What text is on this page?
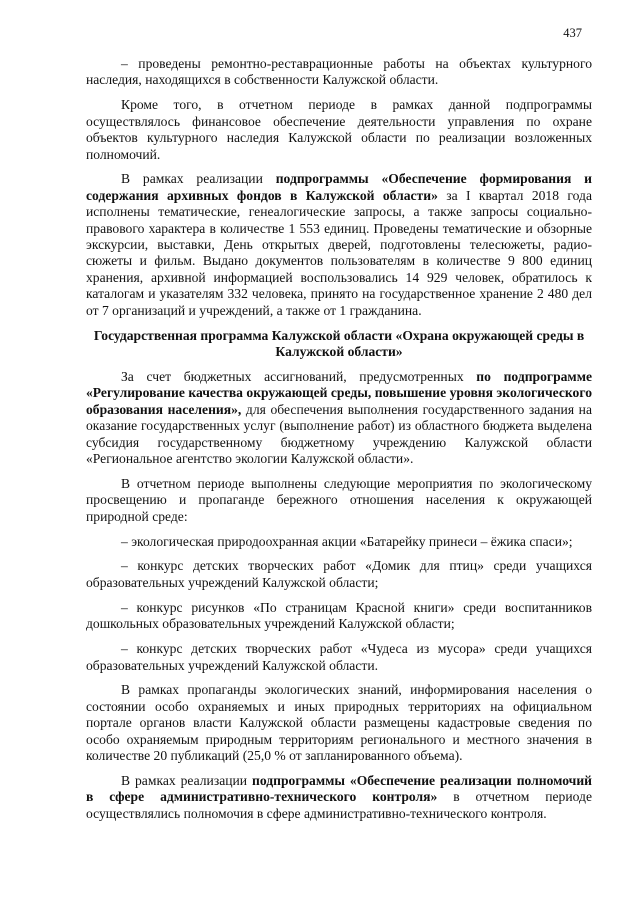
437

– проведены ремонтно-реставрационные работы на объектах культурного наследия, находящихся в собственности Калужской области.

Кроме того, в отчетном периоде в рамках данной подпрограммы осуществлялось финансовое обеспечение деятельности управления по охране объектов культурного наследия Калужской области по реализации возложенных полномочий.

В рамках реализации подпрограммы «Обеспечение формирования и содержания архивных фондов в Калужской области» за I квартал 2018 года исполнены тематические, генеалогические запросы, а также запросы социально-правового характера в количестве 1 553 единиц. Проведены тематические и обзорные экскурсии, выставки, День открытых дверей, подготовлены телесюжеты, радио-сюжеты и фильм. Выдано документов пользователям в количестве 9 800 единиц хранения, архивной информацией воспользовались 14 929 человек, обратилось к каталогам и указателям 332 человека, принято на государственное хранение 2 480 дел от 7 организаций и учреждений, а также от 1 гражданина.

Государственная программа Калужской области «Охрана окружающей среды в Калужской области»

За счет бюджетных ассигнований, предусмотренных по подпрограмме «Регулирование качества окружающей среды, повышение уровня экологического образования населения», для обеспечения выполнения государственного задания на оказание государственных услуг (выполнение работ) из областного бюджета выделена субсидия государственному бюджетному учреждению Калужской области «Региональное агентство экологии Калужской области».

В отчетном периоде выполнены следующие мероприятия по экологическому просвещению и пропаганде бережного отношения населения к окружающей природной среде:

– экологическая природоохранная акции «Батарейку принеси – ёжика спаси»;

– конкурс детских творческих работ «Домик для птиц» среди учащихся образовательных учреждений Калужской области;

– конкурс рисунков «По страницам Красной книги» среди воспитанников дошкольных образовательных учреждений Калужской области;

– конкурс детских творческих работ «Чудеса из мусора» среди учащихся образовательных учреждений Калужской области.

В рамках пропаганды экологических знаний, информирования населения о состоянии особо охраняемых и иных природных территориях на официальном портале органов власти Калужской области размещены кадастровые сведения по особо охраняемым природным территориям регионального и местного значения в количестве 20 публикаций (25,0 % от запланированного объема).

В рамках реализации подпрограммы «Обеспечение реализации полномочий в сфере административно-технического контроля» в отчетном периоде осуществлялись полномочия в сфере административно-технического контроля.
